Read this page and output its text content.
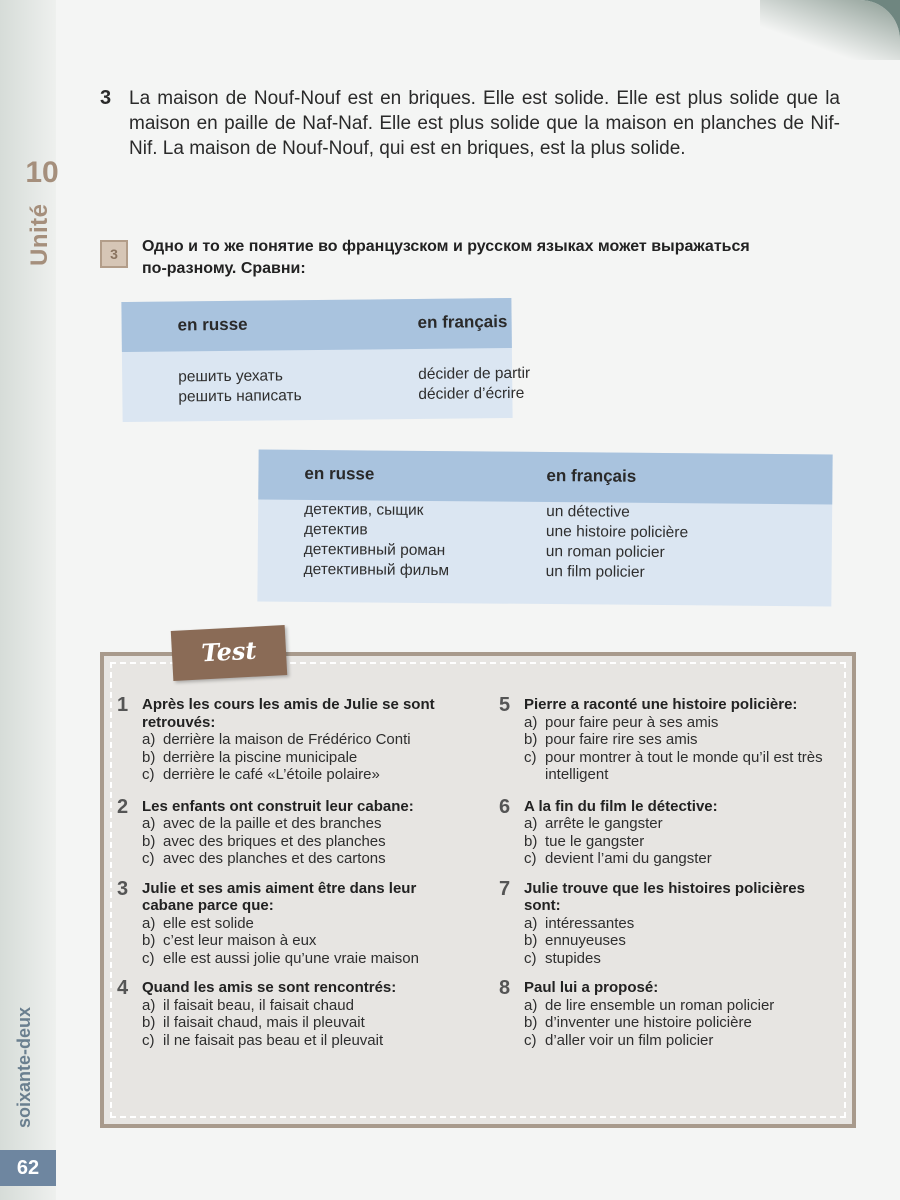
10
Unité
soixante-deux
62
3 La maison de Nouf-Nouf est en briques. Elle est solide. Elle est plus solide que la maison en paille de Naf-Naf. Elle est plus solide que la maison en planches de Nif-Nif. La maison de Nouf-Nouf, qui est en briques, est la plus solide.
3	Одно и то же понятие во французском и русском языках может выражаться по-разному. Сравни:
en russe	en français
решить уехать	décider de partir
решить написать	décider d’écrire
en russe	en français
детектив, сыщик	un détective
детектив	une histoire policière
детективный роман	un roman policier
детективный фильм	un film policier
Test
1 Après les cours les amis de Julie se sont retrouvés:
a) derrière la maison de Frédérico Conti
b) derrière la piscine municipale
c) derrière le café «L’étoile polaire»
2 Les enfants ont construit leur cabane:
a) avec de la paille et des branches
b) avec des briques et des planches
c) avec des planches et des cartons
3 Julie et ses amis aiment être dans leur cabane parce que:
a) elle est solide
b) c’est leur maison à eux
c) elle est aussi jolie qu’une vraie maison
4 Quand les amis se sont rencontrés:
a) il faisait beau, il faisait chaud
b) il faisait chaud, mais il pleuvait
c) il ne faisait pas beau et il pleuvait
5 Pierre a raconté une histoire policière:
a) pour faire peur à ses amis
b) pour faire rire ses amis
c) pour montrer à tout le monde qu’il est très intelligent
6 A la fin du film le détective:
a) arrête le gangster
b) tue le gangster
c) devient l’ami du gangster
7 Julie trouve que les histoires policières sont:
a) intéressantes
b) ennuyeuses
c) stupides
8 Paul lui a proposé:
a) de lire ensemble un roman policier
b) d’inventer une histoire policière
c) d’aller voir un film policier
